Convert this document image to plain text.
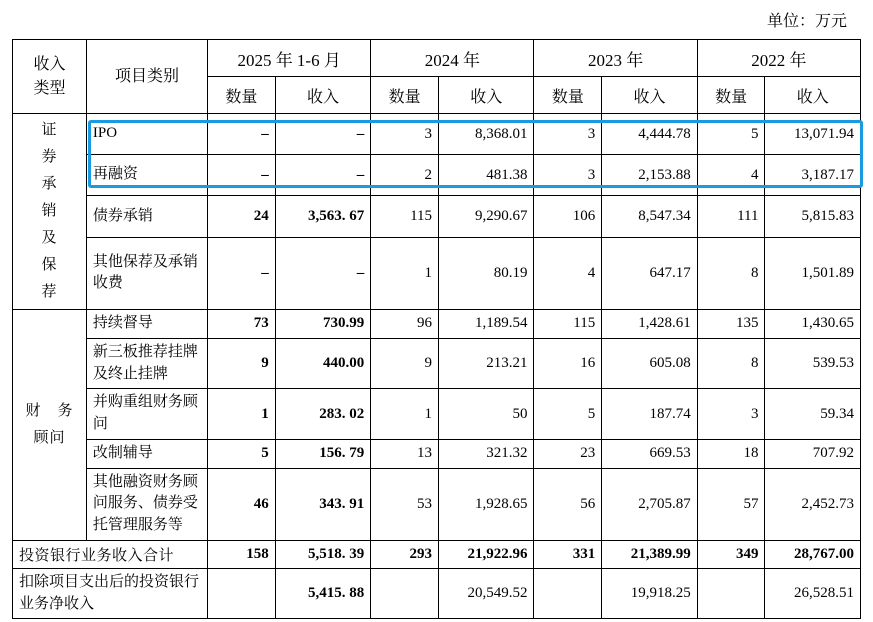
单位：万元
收入
类型	项目类别	2025 年 1-6 月		2024 年		2023 年		2022 年	
		数量	收入	数量	收入	数量	收入	数量	收入

证
券
承
销
及
保
荐
	IPO	–	–	3	8,368.01	3	4,444.78	5	13,071.94
	再融资	–	–	2	481.38	3	2,153.88	4	3,187.17
	债券承销	24	3,563. 67	115	9,290.67	106	8,547.34	111	5,815.83
	其他保荐及承销收费	–	–	1	80.19	4	647.17	8	1,501.89

财　务
顾问	持续督导	73	730.99	96	1,189.54	115	1,428.61	135	1,430.65
	新三板推荐挂牌及终止挂牌	9	440.00	9	213.21	16	605.08	8	539.53
	并购重组财务顾问	1	283. 02	1	50	5	187.74	3	59.34
	改制辅导	5	156. 79	13	321.32	23	669.53	18	707.92
	其他融资财务顾问服务、债券受托管理服务等	46	343. 91	53	1,928.65	56	2,705.87	57	2,452.73
投资银行业务收入合计		158	5,518. 39	293	21,922.96	331	21,389.99	349	28,767.00
扣除项目支出后的投资银行业务净收入			5,415. 88		20,549.52		19,918.25		26,528.51
